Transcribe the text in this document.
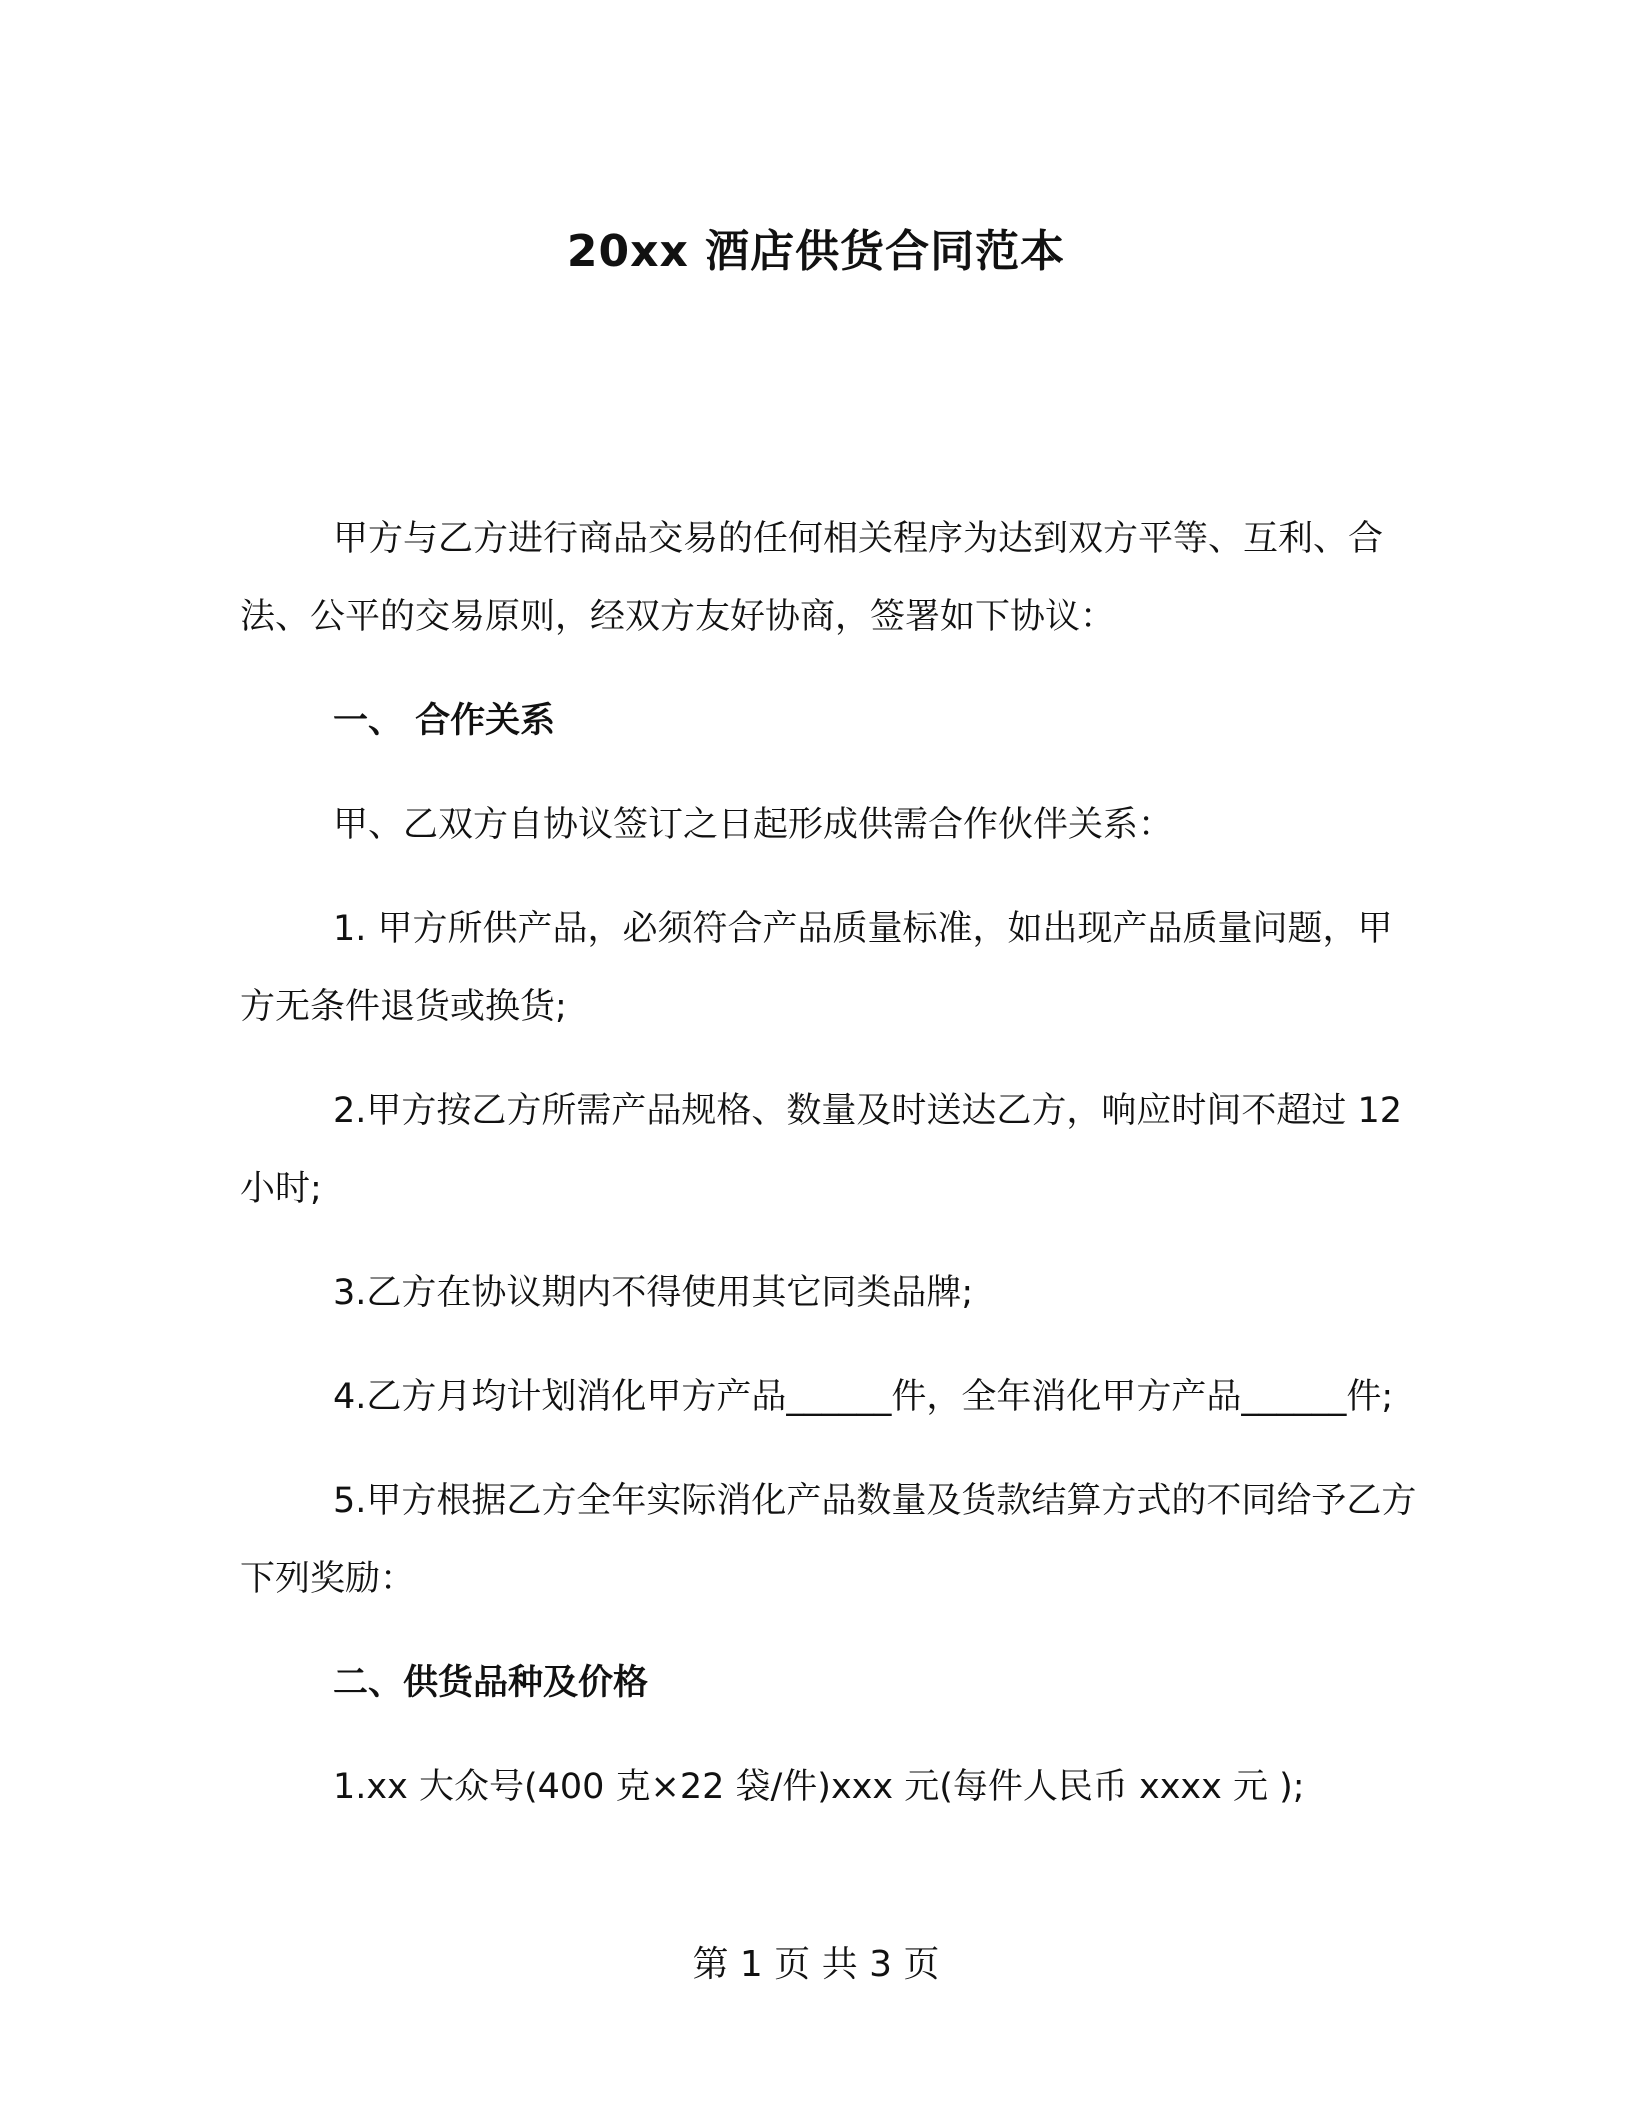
20xx 酒店供货合同范本

甲方与乙方进行商品交易的任何相关程序为达到双方平等、互利、合法、公平的交易原则，经双方友好协商，签署如下协议：

一、 合作关系

甲、乙双方自协议签订之日起形成供需合作伙伴关系：

1. 甲方所供产品，必须符合产品质量标准，如出现产品质量问题，甲方无条件退货或换货;

2.甲方按乙方所需产品规格、数量及时送达乙方，响应时间不超过 12 小时;

3.乙方在协议期内不得使用其它同类品牌;

4.乙方月均计划消化甲方产品______件，全年消化甲方产品______件;

5.甲方根据乙方全年实际消化产品数量及货款结算方式的不同给予乙方下列奖励：

二、供货品种及价格

1.xx 大众号(400 克×22 袋/件)xxx 元(每件人民币 xxxx 元 );

第 1 页 共 3 页
